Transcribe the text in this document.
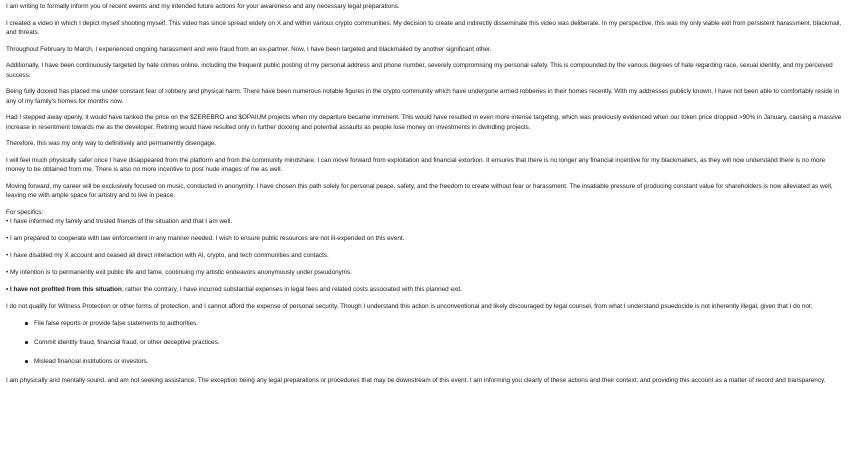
I am writing to formally inform you of recent events and my intended future actions for your awareness and any necessary legal preparations.

I created a video in which I depict myself shooting myself. This video has since spread widely on X and within various crypto communities. My decision to create and indirectly disseminate this video was deliberate. In my perspective, this was my only viable exit from persistent harassment, blackmail, and threats.

Throughout February to March, I experienced ongoing harassment and wire fraud from an ex-partner. Now, I have been targeted and blackmailed by another significant other.

Additionally, I have been continuously targeted by hate crimes online, including the frequent public posting of my personal address and phone number, severely compromising my personal safety. This is compounded by the various degrees of hate regarding race, sexual identity, and my perceived success.

Being fully doxxed has placed me under constant fear of robbery and physical harm. There have been numerous notable figures in the crypto community which have undergone armed robberies in their homes recently. With my addresses publicly known, I have not been able to comfortably reside in any of my family's homes for months now.

Had I stepped away openly, it would have tanked the price on the $ZEREBRO and $OPAIUM projects when my departure became imminent. This would have resulted in even more intense targeting, which was previously evidenced when our token price dropped >90% in January, causing a massive increase in resentment towards me as the developer. Retiring would have resulted only in further doxxing and potential assaults as people lose money on investments in dwindling projects.

Therefore, this was my only way to definitively and permanently disengage.

I will feel much physically safer once I have disappeared from the platform and from the community mindshare. I can move forward from exploitation and financial extortion. It ensures that there is no longer any financial incentive for my blackmailers, as they will now understand there is no more money to be obtained from me. There is also no more incentive to post nude images of me as well.

Moving forward, my career will be exclusively focused on music, conducted in anonymity. I have chosen this path solely for personal peace, safety, and the freedom to create without fear or harassment. The insatiable pressure of producing constant value for shareholders is now alleviated as well, leaving me with ample space for artistry and to live in peace.

For specifics:

• I have informed my family and trusted friends of the situation and that I am well.

• I am prepared to cooperate with law enforcement in any manner needed. I wish to ensure public resources are not ill-expended on this event.

• I have disabled my X account and ceased all direct interaction with AI, crypto, and tech communities and contacts.

• My intention is to permanently exit public life and fame, continuing my artistic endeavors anonymously under pseudonyms.

• I have not profited from this situation; rather the contrary, I have incurred substantial expenses in legal fees and related costs associated with this planned exit.

I do not qualify for Witness Protection or other forms of protection, and I cannot afford the expense of personal security. Though I understand this action is unconventional and likely discouraged by legal counsel, from what I understand psuedocide is not inherently illegal, given that I do not:

File false reports or provide false statements to authorities.
Commit identity fraud, financial fraud, or other deceptive practices.
Mislead financial institutions or investors.

I am physically and mentally sound, and am not seeking assistance. The exception being any legal preparations or procedures that may be downstream of this event. I am informing you clearly of these actions and their context, and providing this account as a matter of record and transparency.
